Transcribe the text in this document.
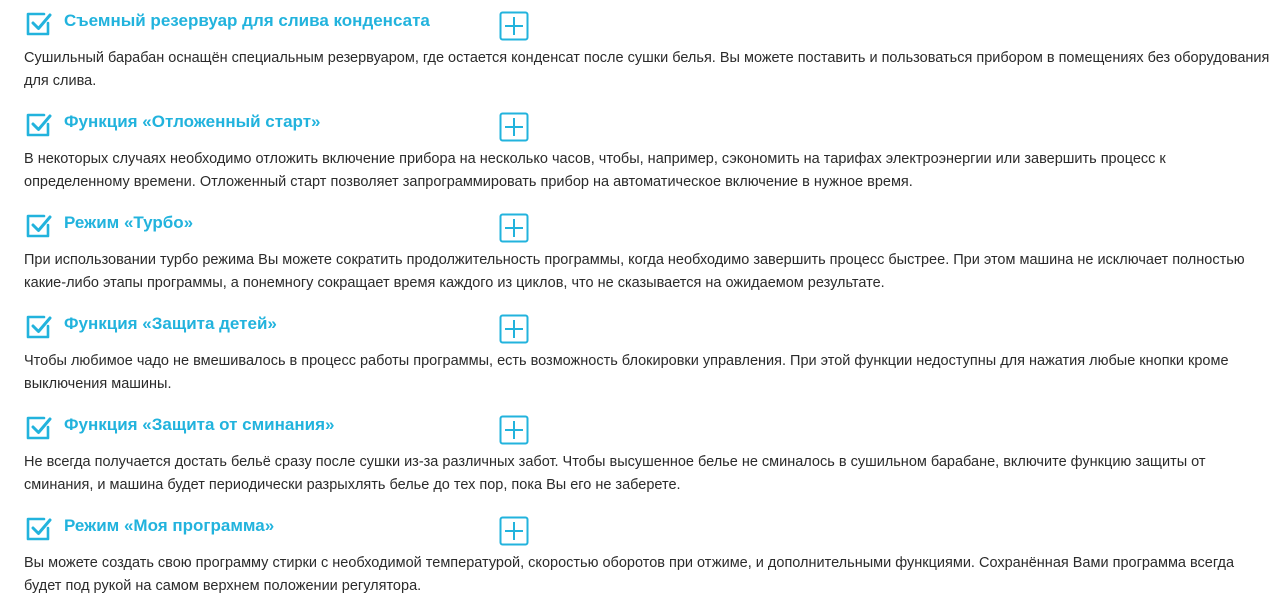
Съемный резервуар для слива конденсата

Сушильный барабан оснащён специальным резервуаром, где остается конденсат после сушки белья. Вы можете поставить и пользоваться прибором в помещениях без оборудования для слива.

Функция «Отложенный старт»

В некоторых случаях необходимо отложить включение прибора на несколько часов, чтобы, например, сэкономить на тарифах электроэнергии или завершить процесс к определенному времени. Отложенный старт позволяет запрограммировать прибор на автоматическое включение в нужное время.

Режим «Турбо»

При использовании турбо режима Вы можете сократить продолжительность программы, когда необходимо завершить процесс быстрее. При этом машина не исключает полностью какие-либо этапы программы, а понемногу сокращает время каждого из циклов, что не сказывается на ожидаемом результате.

Функция «Защита детей»

Чтобы любимое чадо не вмешивалось в процесс работы программы, есть возможность блокировки управления. При этой функции недоступны для нажатия любые кнопки кроме выключения машины.

Функция «Защита от сминания»

Не всегда получается достать бельё сразу после сушки из-за различных забот. Чтобы высушенное белье не сминалось в сушильном барабане, включите функцию защиты от сминания, и машина будет периодически разрыхлять белье до тех пор, пока Вы его не заберете.

Режим «Моя программа»

Вы можете создать свою программу стирки с необходимой температурой, скоростью оборотов при отжиме, и дополнительными функциями. Сохранённая Вами программа всегда будет под рукой на самом верхнем положении регулятора.
